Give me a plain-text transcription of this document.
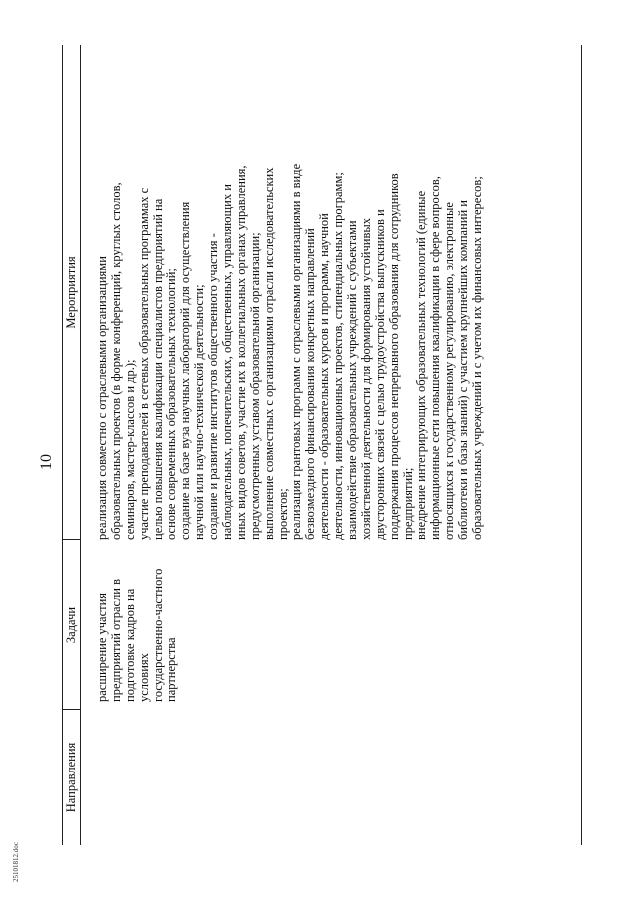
10
25101812.doc
Направления
Задачи
Мероприятия
расширение участия предприятий отрасли в подготовке кадров на условиях государственно-частного партнерства
реализация совместно с отраслевыми организациями образовательных проектов (в форме конференций, круглых столов, семинаров, мастер-классов и др.); участие преподавателей в сетевых образовательных программах с целью повышения квалификации специалистов предприятий на основе современных образовательных технологий; создание на базе вуза научных лабораторий для осуществления научной или научно-технической деятельности; создание и развитие институтов общественного участия - наблюдательных, попечительских, общественных, управляющих и иных видов советов, участие их в коллегиальных органах управления, предусмотренных уставом образовательной организации; выполнение совместных с организациями отрасли исследовательских проектов; реализация грантовых программ с отраслевыми организациями в виде безвозмездного финансирования конкретных направлений деятельности - образовательных курсов и программ, научной деятельности, инновационных проектов, стипендиальных программ; взаимодействие образовательных учреждений с субъектами хозяйственной деятельности для формирования устойчивых двусторонних связей с целью трудоустройства выпускников и поддержания процессов непрерывного образования для сотрудников предприятий; внедрение интегрирующих образовательных технологий (единые информационные сети повышения квалификации в сфере вопросов, относящихся к государственному регулированию, электронные библиотеки и базы знаний) с участием крупнейших компаний и образовательных учреждений и с учетом их финансовых интересов;
